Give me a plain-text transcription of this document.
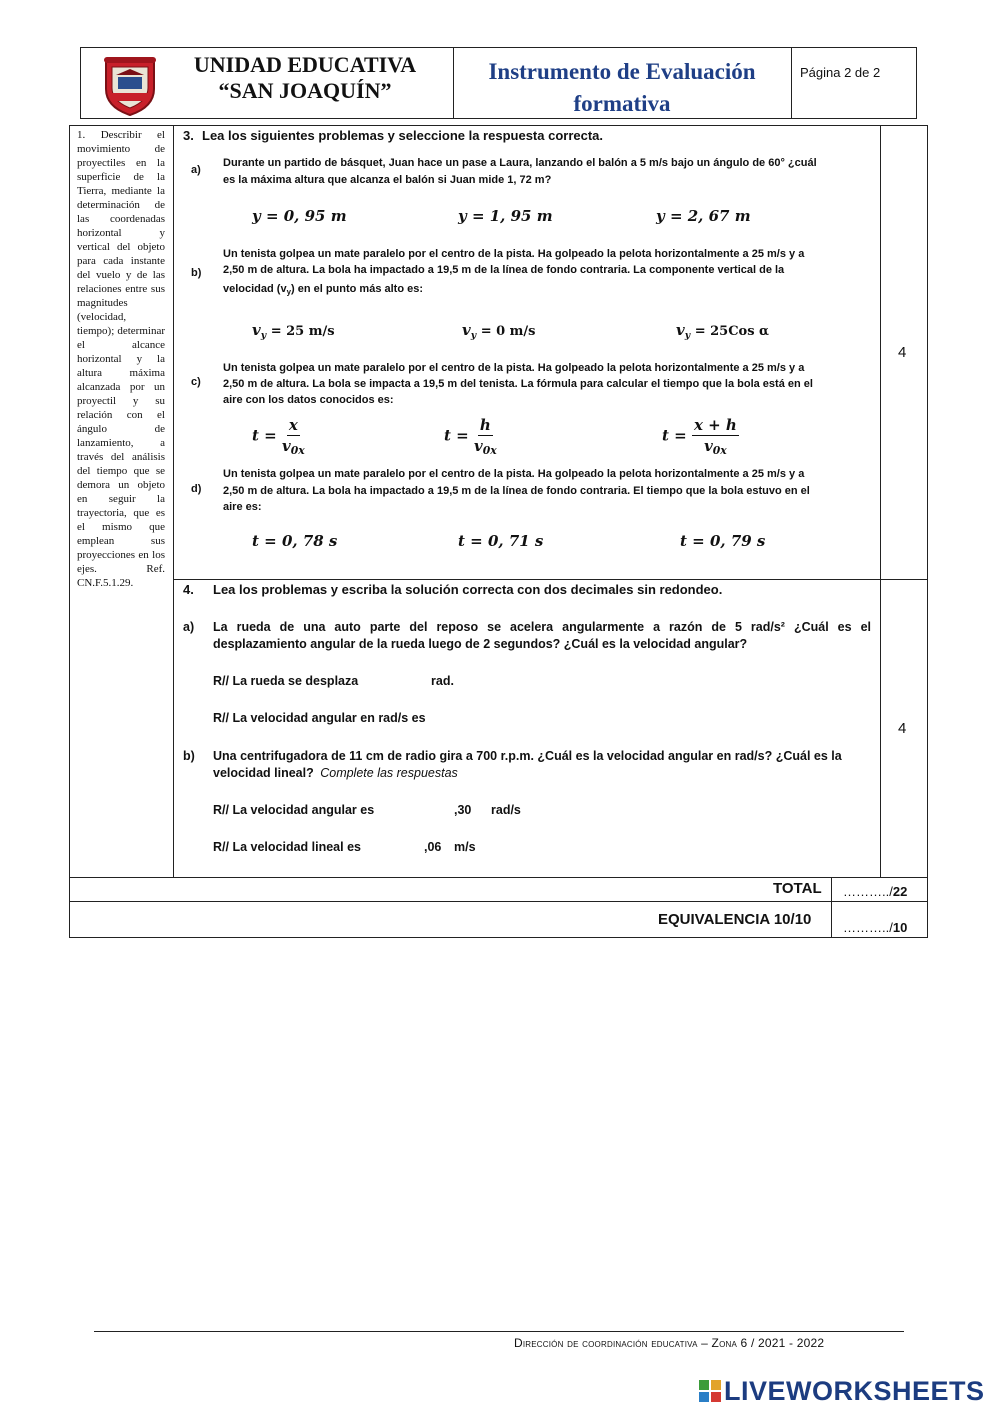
UNIDAD EDUCATIVA
“SAN JOAQUÍN”
Instrumento de Evaluación
formativa
Página 2 de 2
1. Describir el movimiento de proyectiles en la superficie de la Tierra, mediante la determinación de las coordenadas horizontal y vertical del objeto para cada instante del vuelo y de las relaciones entre sus magnitudes (velocidad, tiempo); determinar el alcance horizontal y la altura máxima alcanzada por un proyectil y su relación con el ángulo de lanzamiento, a través del análisis del tiempo que se demora un objeto en seguir la trayectoria, que es el mismo que emplean sus proyecciones en los ejes. Ref. CN.F.5.1.29.
3. Lea los siguientes problemas y seleccione la respuesta correcta.
4
a)
Durante un partido de básquet, Juan hace un pase a Laura, lanzando el balón a 5 m/s bajo un ángulo de 60° ¿cuál
es la máxima altura que alcanza el balón si Juan mide 1, 72 m?
y = 0, 95 m	y = 1, 95 m	y = 2, 67 m
b)
Un tenista golpea un mate paralelo por el centro de la pista. Ha golpeado la pelota horizontalmente a 25 m/s y a
2,50 m de altura. La bola ha impactado a 19,5 m de la línea de fondo contraria. La componente vertical de la
velocidad $(v_y)$ en el punto más alto es:
$v_y = 25$ m/s	$v_y = 0$ m/s	$v_y = 25Cos$ α
c)
Un tenista golpea un mate paralelo por el centro de la pista. Ha golpeado la pelota horizontalmente a 25 m/s y a
2,50 m de altura. La bola se impacta a 19,5 m del tenista. La fórmula para calcular el tiempo que la bola está en el
aire con los datos conocidos es:
$t = \frac{x}{v_{0x}}$	$t = \frac{h}{v_{0x}}$	$t = \frac{x + h}{v_{0x}}$
d)
Un tenista golpea un mate paralelo por el centro de la pista. Ha golpeado la pelota horizontalmente a 25 m/s y a
2,50 m de altura. La bola ha impactado a 19,5 m de la línea de fondo contraria. El tiempo que la bola estuvo en el
aire es:
t = 0, 78 s	t = 0, 71 s	t = 0, 79 s
4. Lea los problemas y escriba la solución correcta con dos decimales sin redondeo.
4
a) La rueda de una auto parte del reposo se acelera angularmente a razón de 5 rad/s² ¿Cuál es el
desplazamiento angular de la rueda luego de 2 segundos? ¿Cuál es la velocidad angular?
R// La rueda se desplaza	rad.
R// La velocidad angular en rad/s es
b) Una centrifugadora de 11 cm de radio gira a 700 r.p.m. ¿Cuál es la velocidad angular en rad/s? ¿Cuál es la
velocidad lineal? Complete las respuestas
R// La velocidad angular es	,30 rad/s
R// La velocidad lineal es	,06 m/s
TOTAL ………../22
EQUIVALENCIA 10/10 ………../10
Dirección de coordinación educativa – Zona 6 / 2021 - 2022
LIVEWORKSHEETS
